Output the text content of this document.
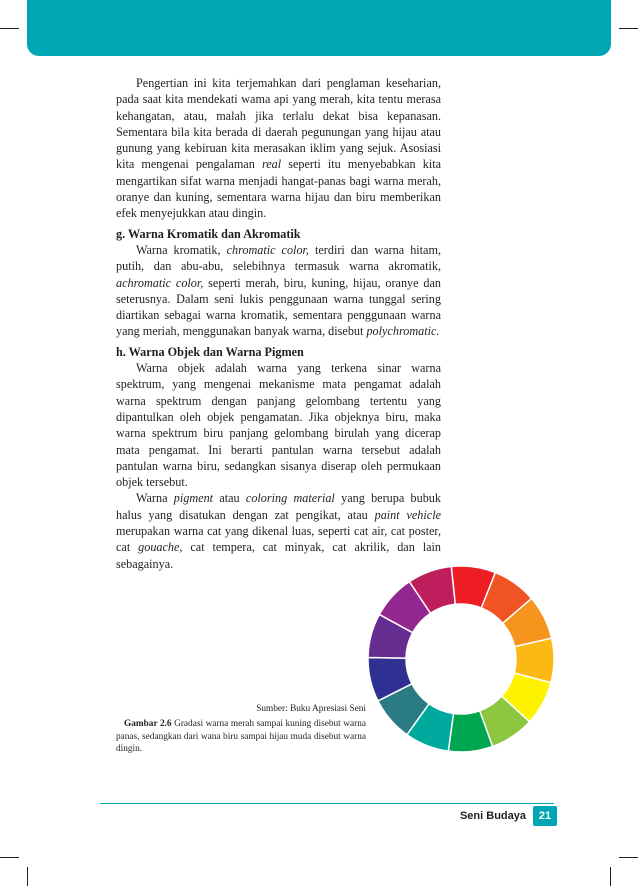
Pengertian ini kita terjemahkan dari penglaman keseharian, pada saat kita mendekati wama api yang merah, kita tentu merasa kehangatan, atau, malah jika terlalu dekat bisa kepanasan. Sementara bila kita berada di daerah pegunungan yang hijau atau gunung yang kebiruan kita merasakan iklim yang sejuk. Asosiasi kita mengenai pengalaman real seperti itu menyebabkan kita mengartikan sifat warna menjadi hangat-panas bagi warna merah, oranye dan kuning, sementara warna hijau dan biru memberikan efek menyejukkan atau dingin.

g. Warna Kromatik dan Akromatik

Warna kromatik, chromatic color, terdiri dan warna hitam, putih, dan abu-abu, selebihnya termasuk warna akromatik, achromatic color, seperti merah, biru, kuning, hijau, oranye dan seterusnya. Dalam seni lukis penggunaan warna tunggal sering diartikan sebagai warna kromatik, sementara penggunaan warna yang meriah, menggunakan banyak warna, disebut polychromatic.

h. Warna Objek dan Warna Pigmen

Warna objek adalah warna yang terkena sinar warna spektrum, yang mengenai mekanisme mata pengamat adalah warna spektrum dengan panjang gelombang tertentu yang dipantulkan oleh objek pengamatan. Jika objeknya biru, maka warna spektrum biru panjang gelombang birulah yang dicerap mata pengamat. Ini berarti pantulan warna tersebut adalah pantulan warna biru, sedangkan sisanya diserap oleh permukaan objek tersebut.

Warna pigment atau coloring material yang berupa bubuk halus yang disatukan dengan zat pengikat, atau paint vehicle merupakan warna cat yang dikenal luas, seperti cat air, cat poster, cat gouache, cat tempera, cat minyak, cat akrilik, dan lain sebagainya.

Sumber: Buku Apresiasi Seni
Gambar 2.6 Gradasi warna merah sampai kuning disebut warna panas, sedangkan dari wana biru sampai hijau muda disebut warna dingin.
Seni Budaya	21
